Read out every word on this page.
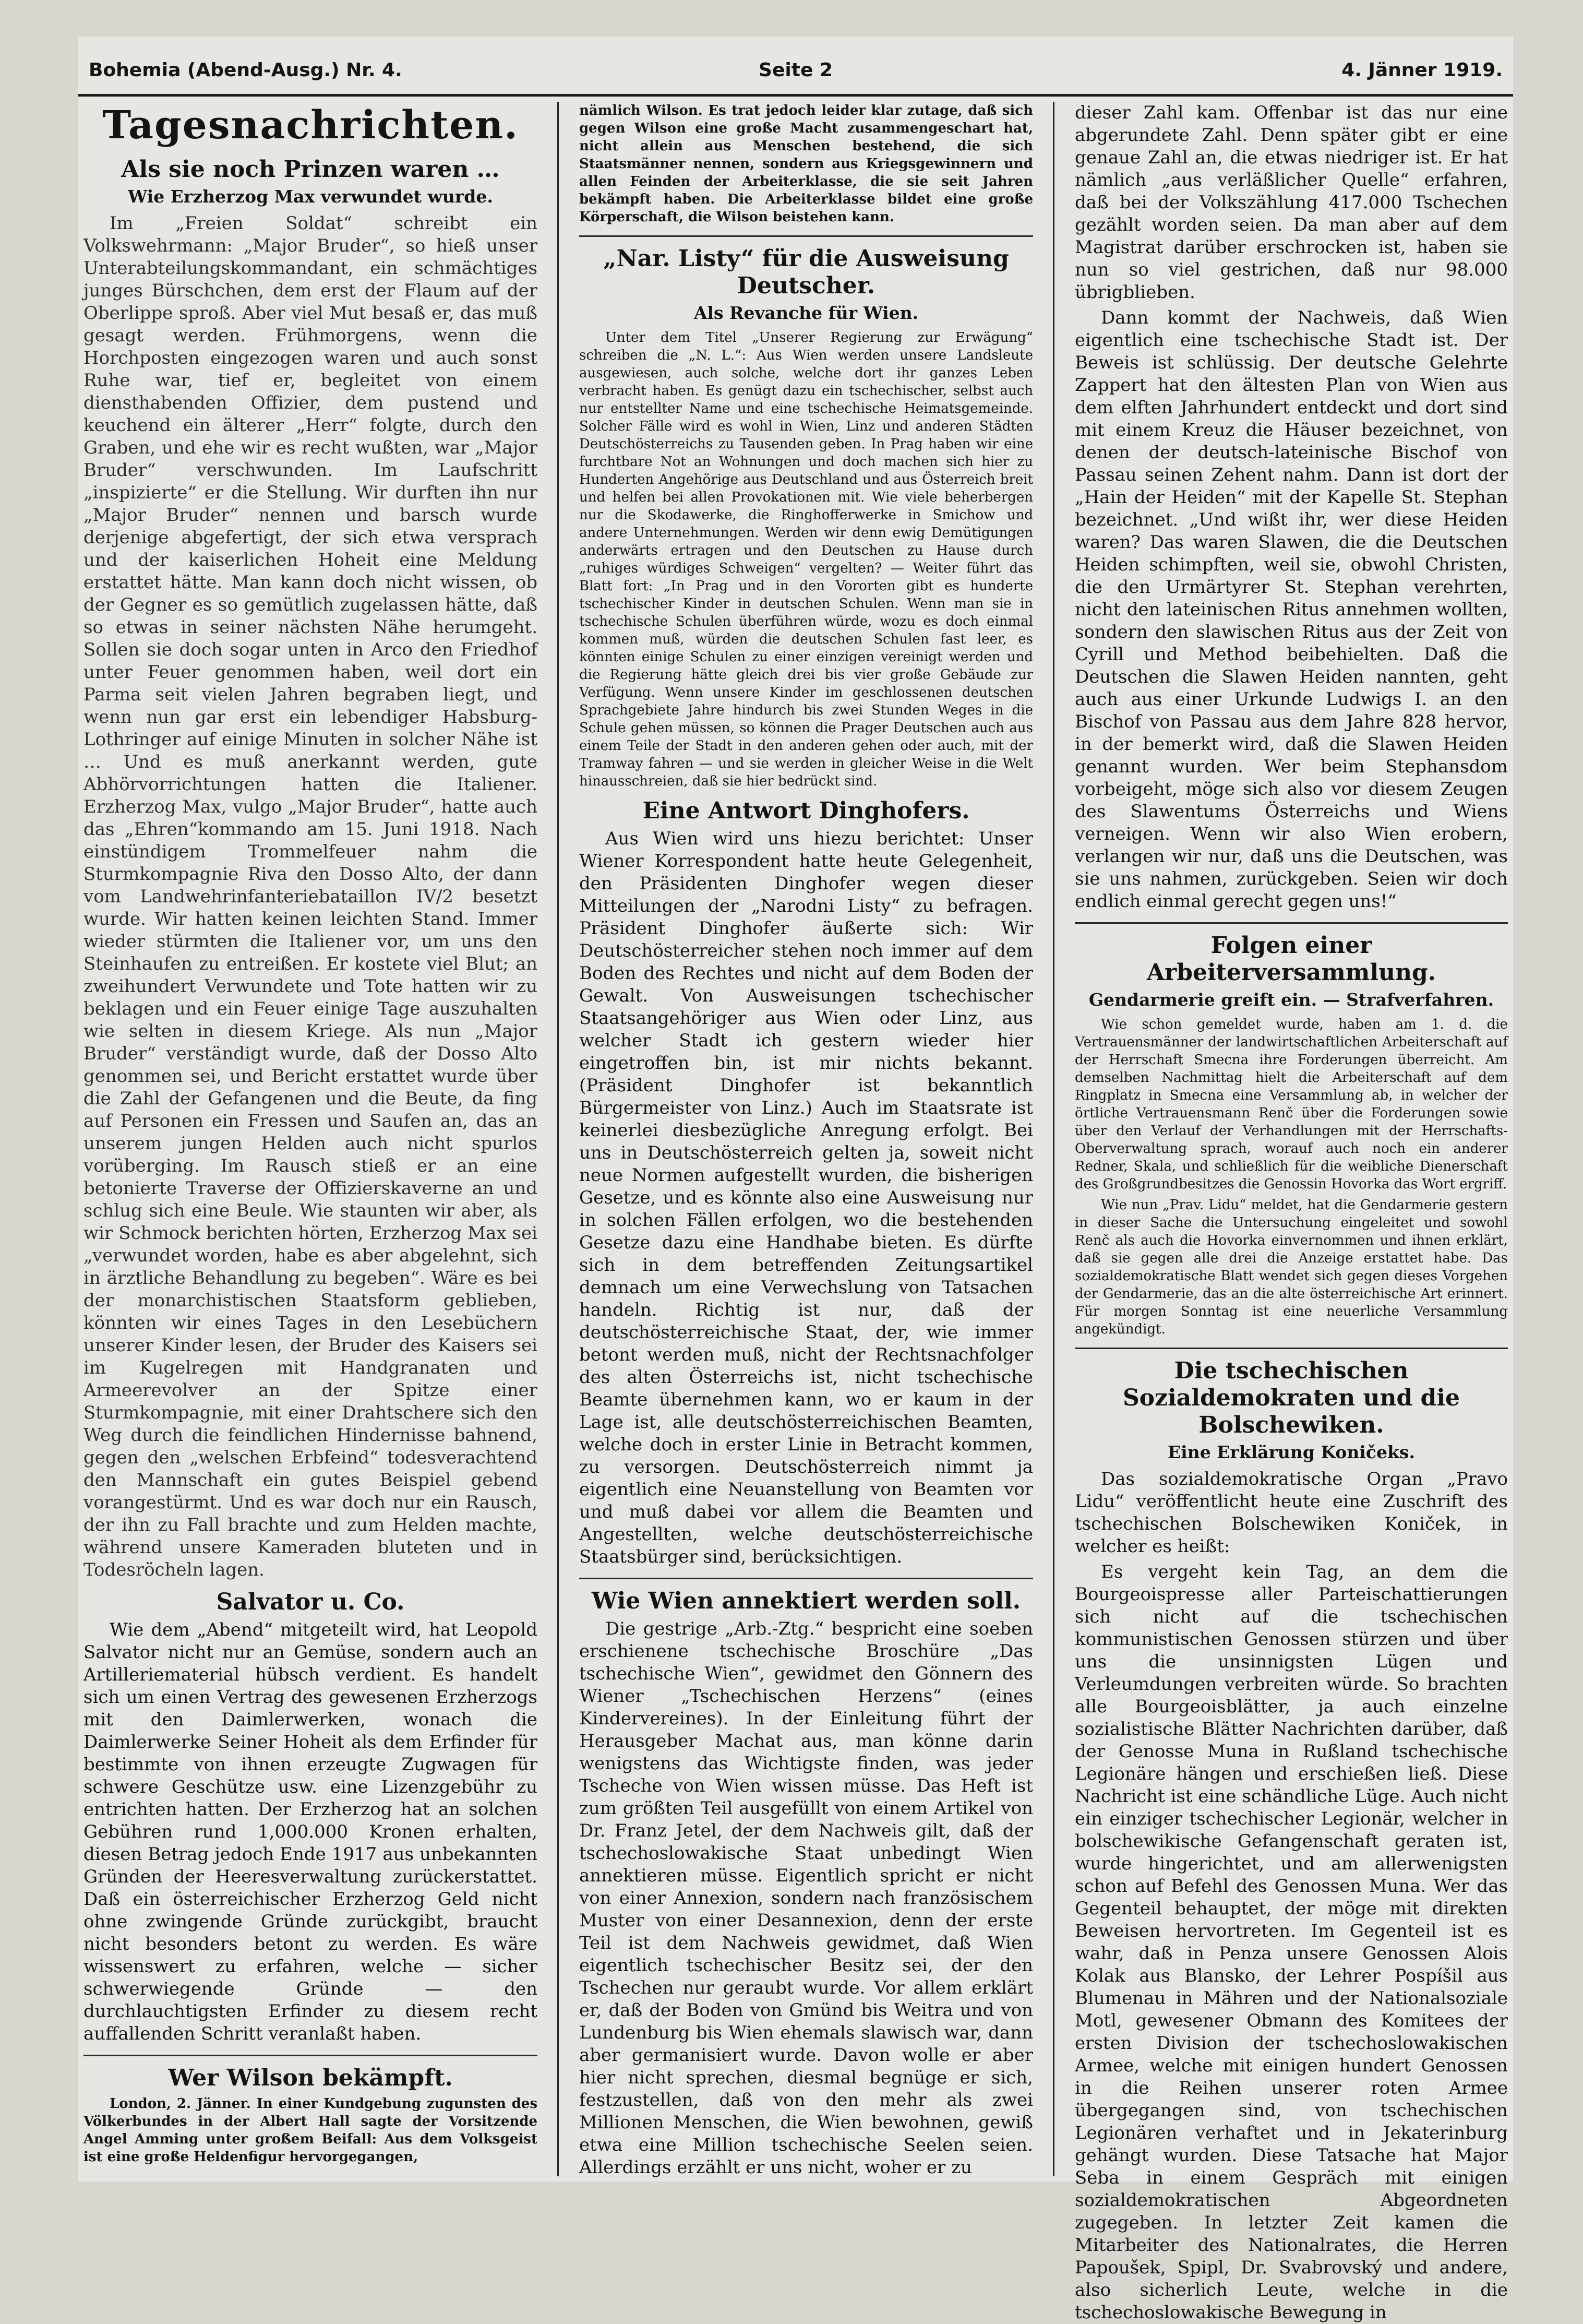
Bohemia (Abend-Ausg.) Nr. 4.	Seite 2	4. Jänner 1919.
Tagesnachrichten.
Als sie noch Prinzen waren …
Wie Erzherzog Max verwundet wurde.

Im „Freien Soldat“ schreibt ein Volkswehrmann: „Major Bruder“, so hieß unser Unterabteilungskommandant, ein schmächtiges junges Bürschchen, dem erst der Flaum auf der Oberlippe sproß. Aber viel Mut besaß er, das muß gesagt werden. Frühmorgens, wenn die Horchposten eingezogen waren und auch sonst Ruhe war, tief er, begleitet von einem diensthabenden Offizier, dem pustend und keuchend ein älterer „Herr“ folgte, durch den Graben, und ehe wir es recht wußten, war „Major Bruder“ verschwunden. Im Laufschritt „inspizierte“ er die Stellung. Wir durften ihn nur „Major Bruder“ nennen und barsch wurde derjenige abgefertigt, der sich etwa versprach und der kaiserlichen Hoheit eine Meldung erstattet hätte. Man kann doch nicht wissen, ob der Gegner es so gemütlich zugelassen hätte, daß so etwas in seiner nächsten Nähe herumgeht. Sollen sie doch sogar unten in Arco den Friedhof unter Feuer genommen haben, weil dort ein Parma seit vielen Jahren begraben liegt, und wenn nun gar erst ein lebendiger Habsburg-Lothringer auf einige Minuten in solcher Nähe ist … Und es muß anerkannt werden, gute Abhörvorrichtungen hatten die Italiener. Erzherzog Max, vulgo „Major Bruder“, hatte auch das „Ehren“kommando am 15. Juni 1918. Nach einstündigem Trommelfeuer nahm die Sturmkompagnie Riva den Dosso Alto, der dann vom Landwehrinfanteriebataillon IV/2 besetzt wurde. Wir hatten keinen leichten Stand. Immer wieder stürmten die Italiener vor, um uns den Steinhaufen zu entreißen. Er kostete viel Blut; an zweihundert Verwundete und Tote hatten wir zu beklagen und ein Feuer einige Tage auszuhalten wie selten in diesem Kriege. Als nun „Major Bruder“ verständigt wurde, daß der Dosso Alto genommen sei, und Bericht erstattet wurde über die Zahl der Gefangenen und die Beute, da fing auf Personen ein Fressen und Saufen an, das an unserem jungen Helden auch nicht spurlos vorüberging. Im Rausch stieß er an eine betonierte Traverse der Offizierskaverne an und schlug sich eine Beule. Wie staunten wir aber, als wir Schmock berichten hörten, Erzherzog Max sei „verwundet worden, habe es aber abgelehnt, sich in ärztliche Behandlung zu begeben“. Wäre es bei der monarchistischen Staatsform geblieben, könnten wir eines Tages in den Lesebüchern unserer Kinder lesen, der Bruder des Kaisers sei im Kugelregen mit Handgranaten und Armeerevolver an der Spitze einer Sturmkompagnie, mit einer Drahtschere sich den Weg durch die feindlichen Hindernisse bahnend, gegen den „welschen Erbfeind“ todesverachtend den Mannschaft ein gutes Beispiel gebend vorangestürmt. Und es war doch nur ein Rausch, der ihn zu Fall brachte und zum Helden machte, während unsere Kameraden bluteten und in Todesröcheln lagen.

Salvator u. Co.

Wie dem „Abend“ mitgeteilt wird, hat Leopold Salvator nicht nur an Gemüse, sondern auch an Artilleriematerial hübsch verdient. Es handelt sich um einen Vertrag des gewesenen Erzherzogs mit den Daimlerwerken, wonach die Daimlerwerke Seiner Hoheit als dem Erfinder für bestimmte von ihnen erzeugte Zugwagen für schwere Geschütze usw. eine Lizenzgebühr zu entrichten hatten. Der Erzherzog hat an solchen Gebühren rund 1,000.000 Kronen erhalten, diesen Betrag jedoch Ende 1917 aus unbekannten Gründen der Heeresverwaltung zurückerstattet. Daß ein österreichischer Erzherzog Geld nicht ohne zwingende Gründe zurückgibt, braucht nicht besonders betont zu werden. Es wäre wissenswert zu erfahren, welche — sicher schwerwiegende Gründe — den durchlauchtigsten Erfinder zu diesem recht auffallenden Schritt veranlaßt haben.

Wer Wilson bekämpft.

London, 2. Jänner. In einer Kundgebung zugunsten des Völkerbundes in der Albert Hall sagte der Vorsitzende Angel Amming unter großem Beifall: Aus dem Volksgeist ist eine große Heldenfigur hervorgegangen,

nämlich Wilson. Es trat jedoch leider klar zutage, daß sich gegen Wilson eine große Macht zusammengeschart hat, nicht allein aus Menschen bestehend, die sich Staatsmänner nennen, sondern aus Kriegsgewinnern und allen Feinden der Arbeiterklasse, die sie seit Jahren bekämpft haben. Die Arbeiterklasse bildet eine große Körperschaft, die Wilson beistehen kann.

„Nar. Listy“ für die Ausweisung Deutscher.
Als Revanche für Wien.

Unter dem Titel „Unserer Regierung zur Erwägung“ schreiben die „N. L.“: Aus Wien werden unsere Landsleute ausgewiesen, auch solche, welche dort ihr ganzes Leben verbracht haben. Es genügt dazu ein tschechischer, selbst auch nur entstellter Name und eine tschechische Heimatsgemeinde. Solcher Fälle wird es wohl in Wien, Linz und anderen Städten Deutschösterreichs zu Tausenden geben. In Prag haben wir eine furchtbare Not an Wohnungen und doch machen sich hier zu Hunderten Angehörige aus Deutschland und aus Österreich breit und helfen bei allen Provokationen mit. Wie viele beherbergen nur die Skodawerke, die Ringhofferwerke in Smichow und andere Unternehmungen. Werden wir denn ewig Demütigungen anderwärts ertragen und den Deutschen zu Hause durch „ruhiges würdiges Schweigen“ vergelten? — Weiter führt das Blatt fort: „In Prag und in den Vororten gibt es hunderte tschechischer Kinder in deutschen Schulen. Wenn man sie in tschechische Schulen überführen würde, wozu es doch einmal kommen muß, würden die deutschen Schulen fast leer, es könnten einige Schulen zu einer einzigen vereinigt werden und die Regierung hätte gleich drei bis vier große Gebäude zur Verfügung. Wenn unsere Kinder im geschlossenen deutschen Sprachgebiete Jahre hindurch bis zwei Stunden Weges in die Schule gehen müssen, so können die Prager Deutschen auch aus einem Teile der Stadt in den anderen gehen oder auch, mit der Tramway fahren — und sie werden in gleicher Weise in die Welt hinausschreien, daß sie hier bedrückt sind.

Eine Antwort Dinghofers.

Aus Wien wird uns hiezu berichtet: Unser Wiener Korrespondent hatte heute Gelegenheit, den Präsidenten Dinghofer wegen dieser Mitteilungen der „Narodni Listy“ zu befragen. Präsident Dinghofer äußerte sich: Wir Deutschösterreicher stehen noch immer auf dem Boden des Rechtes und nicht auf dem Boden der Gewalt. Von Ausweisungen tschechischer Staatsangehöriger aus Wien oder Linz, aus welcher Stadt ich gestern wieder hier eingetroffen bin, ist mir nichts bekannt. (Präsident Dinghofer ist bekanntlich Bürgermeister von Linz.) Auch im Staatsrate ist keinerlei diesbezügliche Anregung erfolgt. Bei uns in Deutschösterreich gelten ja, soweit nicht neue Normen aufgestellt wurden, die bisherigen Gesetze, und es könnte also eine Ausweisung nur in solchen Fällen erfolgen, wo die bestehenden Gesetze dazu eine Handhabe bieten. Es dürfte sich in dem betreffenden Zeitungsartikel demnach um eine Verwechslung von Tatsachen handeln. Richtig ist nur, daß der deutschösterreichische Staat, der, wie immer betont werden muß, nicht der Rechtsnachfolger des alten Österreichs ist, nicht tschechische Beamte übernehmen kann, wo er kaum in der Lage ist, alle deutschösterreichischen Beamten, welche doch in erster Linie in Betracht kommen, zu versorgen. Deutschösterreich nimmt ja eigentlich eine Neuanstellung von Beamten vor und muß dabei vor allem die Beamten und Angestellten, welche deutschösterreichische Staatsbürger sind, berücksichtigen.

Wie Wien annektiert werden soll.

Die gestrige „Arb.-Ztg.“ bespricht eine soeben erschienene tschechische Broschüre „Das tschechische Wien“, gewidmet den Gönnern des Wiener „Tschechischen Herzens“ (eines Kindervereines). In der Einleitung führt der Herausgeber Machat aus, man könne darin wenigstens das Wichtigste finden, was jeder Tscheche von Wien wissen müsse. Das Heft ist zum größten Teil ausgefüllt von einem Artikel von Dr. Franz Jetel, der dem Nachweis gilt, daß der tschechoslowakische Staat unbedingt Wien annektieren müsse. Eigentlich spricht er nicht von einer Annexion, sondern nach französischem Muster von einer Desannexion, denn der erste Teil ist dem Nachweis gewidmet, daß Wien eigentlich tschechischer Besitz sei, der den Tschechen nur geraubt wurde. Vor allem erklärt er, daß der Boden von Gmünd bis Weitra und von Lundenburg bis Wien ehemals slawisch war, dann aber germanisiert wurde. Davon wolle er aber hier nicht sprechen, diesmal begnüge er sich, festzustellen, daß von den mehr als zwei Millionen Menschen, die Wien bewohnen, gewiß etwa eine Million tschechische Seelen seien. Allerdings erzählt er uns nicht, woher er zu

dieser Zahl kam. Offenbar ist das nur eine abgerundete Zahl. Denn später gibt er eine genaue Zahl an, die etwas niedriger ist. Er hat nämlich „aus verläßlicher Quelle“ erfahren, daß bei der Volkszählung 417.000 Tschechen gezählt worden seien. Da man aber auf dem Magistrat darüber erschrocken ist, haben sie nun so viel gestrichen, daß nur 98.000 übrigblieben.

Dann kommt der Nachweis, daß Wien eigentlich eine tschechische Stadt ist. Der Beweis ist schlüssig. Der deutsche Gelehrte Zappert hat den ältesten Plan von Wien aus dem elften Jahrhundert entdeckt und dort sind mit einem Kreuz die Häuser bezeichnet, von denen der deutsch-lateinische Bischof von Passau seinen Zehent nahm. Dann ist dort der „Hain der Heiden“ mit der Kapelle St. Stephan bezeichnet. „Und wißt ihr, wer diese Heiden waren? Das waren Slawen, die die Deutschen Heiden schimpften, weil sie, obwohl Christen, die den Urmärtyrer St. Stephan verehrten, nicht den lateinischen Ritus annehmen wollten, sondern den slawischen Ritus aus der Zeit von Cyrill und Method beibehielten. Daß die Deutschen die Slawen Heiden nannten, geht auch aus einer Urkunde Ludwigs I. an den Bischof von Passau aus dem Jahre 828 hervor, in der bemerkt wird, daß die Slawen Heiden genannt wurden. Wer beim Stephansdom vorbeigeht, möge sich also vor diesem Zeugen des Slawentums Österreichs und Wiens verneigen. Wenn wir also Wien erobern, verlangen wir nur, daß uns die Deutschen, was sie uns nahmen, zurückgeben. Seien wir doch endlich einmal gerecht gegen uns!“

Folgen einer Arbeiterversammlung.
Gendarmerie greift ein. — Strafverfahren.

Wie schon gemeldet wurde, haben am 1. d. die Vertrauensmänner der landwirtschaftlichen Arbeiterschaft auf der Herrschaft Smecna ihre Forderungen überreicht. Am demselben Nachmittag hielt die Arbeiterschaft auf dem Ringplatz in Smecna eine Versammlung ab, in welcher der örtliche Vertrauensmann Renč über die Forderungen sowie über den Verlauf der Verhandlungen mit der Herrschafts-Oberverwaltung sprach, worauf auch noch ein anderer Redner, Skala, und schließlich für die weibliche Dienerschaft des Großgrundbesitzes die Genossin Hovorka das Wort ergriff.

Wie nun „Prav. Lidu“ meldet, hat die Gendarmerie gestern in dieser Sache die Untersuchung eingeleitet und sowohl Renč als auch die Hovorka einvernommen und ihnen erklärt, daß sie gegen alle drei die Anzeige erstattet habe. Das sozialdemokratische Blatt wendet sich gegen dieses Vorgehen der Gendarmerie, das an die alte österreichische Art erinnert. Für morgen Sonntag ist eine neuerliche Versammlung angekündigt.

Die tschechischen Sozialdemokraten und die Bolschewiken.
Eine Erklärung Koničeks.

Das sozialdemokratische Organ „Pravo Lidu“ veröffentlicht heute eine Zuschrift des tschechischen Bolschewiken Koniček, in welcher es heißt:

Es vergeht kein Tag, an dem die Bourgeoispresse aller Parteischattierungen sich nicht auf die tschechischen kommunistischen Genossen stürzen und über uns die unsinnigsten Lügen und Verleumdungen verbreiten würde. So brachten alle Bourgeoisblätter, ja auch einzelne sozialistische Blätter Nachrichten darüber, daß der Genosse Muna in Rußland tschechische Legionäre hängen und erschießen ließ. Diese Nachricht ist eine schändliche Lüge. Auch nicht ein einziger tschechischer Legionär, welcher in bolschewikische Gefangenschaft geraten ist, wurde hingerichtet, und am allerwenigsten schon auf Befehl des Genossen Muna. Wer das Gegenteil behauptet, der möge mit direkten Beweisen hervortreten. Im Gegenteil ist es wahr, daß in Penza unsere Genossen Alois Kolak aus Blansko, der Lehrer Pospíšil aus Blumenau in Mähren und der Nationalsoziale Motl, gewesener Obmann des Komitees der ersten Division der tschechoslowakischen Armee, welche mit einigen hundert Genossen in die Reihen unserer roten Armee übergegangen sind, von tschechischen Legionären verhaftet und in Jekaterinburg gehängt wurden. Diese Tatsache hat Major Seba in einem Gespräch mit einigen sozialdemokratischen Abgeordneten zugegeben. In letzter Zeit kamen die Mitarbeiter des Nationalrates, die Herren Papoušek, Spipl, Dr. Svabrovský und andere, also sicherlich Leute, welche in die tschechoslowakische Bewegung in
